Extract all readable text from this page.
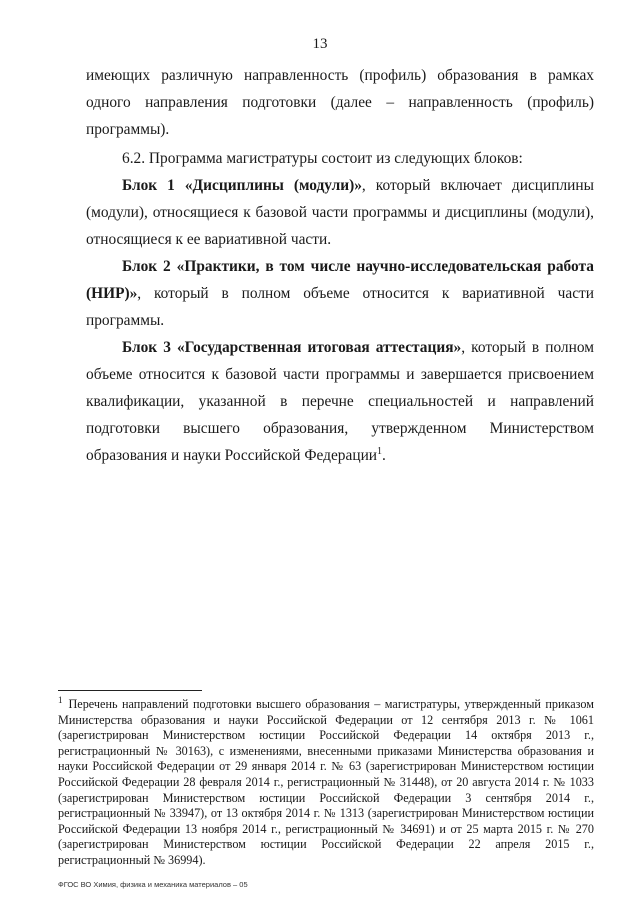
13

имеющих различную направленность (профиль) образования в рамках одного направления подготовки (далее – направленность (профиль) программы).

6.2. Программа магистратуры состоит из следующих блоков:

Блок 1 «Дисциплины (модули)», который включает дисциплины (модули), относящиеся к базовой части программы и дисциплины (модули), относящиеся к ее вариативной части.

Блок 2 «Практики, в том числе научно-исследовательская работа (НИР)», который в полном объеме относится к вариативной части программы.

Блок 3 «Государственная итоговая аттестация», который в полном объеме относится к базовой части программы и завершается присвоением квалификации, указанной в перечне специальностей и направлений подготовки высшего образования, утвержденном Министерством образования и науки Российской Федерации$^1$.

$^1$ Перечень направлений подготовки высшего образования – магистратуры, утвержденный приказом Министерства образования и науки Российской Федерации от 12 сентября 2013 г. № 1061 (зарегистрирован Министерством юстиции Российской Федерации 14 октября 2013 г., регистрационный № 30163), с изменениями, внесенными приказами Министерства образования и науки Российской Федерации от 29 января 2014 г. № 63 (зарегистрирован Министерством юстиции Российской Федерации 28 февраля 2014 г., регистрационный № 31448), от 20 августа 2014 г. № 1033 (зарегистрирован Министерством юстиции Российской Федерации 3 сентября 2014 г., регистрационный № 33947), от 13 октября 2014 г. № 1313 (зарегистрирован Министерством юстиции Российской Федерации 13 ноября 2014 г., регистрационный № 34691) и от 25 марта 2015 г. № 270 (зарегистрирован Министерством юстиции Российской Федерации 22 апреля 2015 г., регистрационный № 36994).
ФГОС ВО Химия, физика и механика материалов – 05
